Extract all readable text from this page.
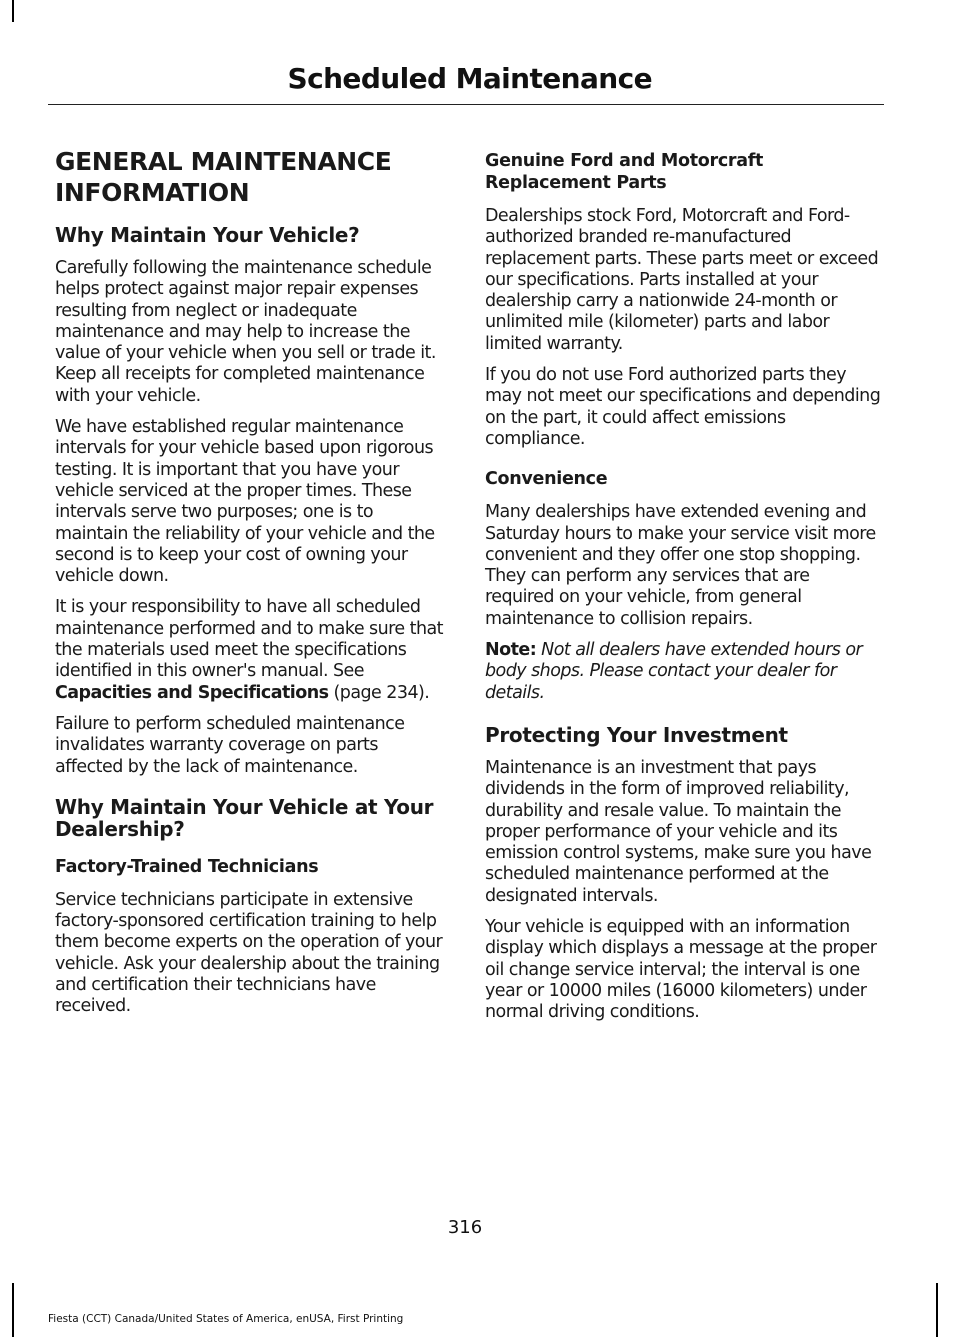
Scheduled Maintenance
GENERAL MAINTENANCE INFORMATION
Why Maintain Your Vehicle?

Carefully following the maintenance schedule helps protect against major repair expenses resulting from neglect or inadequate maintenance and may help to increase the value of your vehicle when you sell or trade it. Keep all receipts for completed maintenance with your vehicle.

We have established regular maintenance intervals for your vehicle based upon rigorous testing. It is important that you have your vehicle serviced at the proper times. These intervals serve two purposes; one is to maintain the reliability of your vehicle and the second is to keep your cost of owning your vehicle down.

It is your responsibility to have all scheduled maintenance performed and to make sure that the materials used meet the specifications identified in this owner's manual. See Capacities and Specifications (page 234).

Failure to perform scheduled maintenance invalidates warranty coverage on parts affected by the lack of maintenance.

Why Maintain Your Vehicle at Your Dealership?
Factory-Trained Technicians

Service technicians participate in extensive factory-sponsored certification training to help them become experts on the operation of your vehicle. Ask your dealership about the training and certification their technicians have received.

Genuine Ford and Motorcraft Replacement Parts

Dealerships stock Ford, Motorcraft and Ford-authorized branded re-manufactured replacement parts. These parts meet or exceed our specifications. Parts installed at your dealership carry a nationwide 24-month or unlimited mile (kilometer) parts and labor limited warranty.

If you do not use Ford authorized parts they may not meet our specifications and depending on the part, it could affect emissions compliance.

Convenience

Many dealerships have extended evening and Saturday hours to make your service visit more convenient and they offer one stop shopping. They can perform any services that are required on your vehicle, from general maintenance to collision repairs.

Note: Not all dealers have extended hours or body shops. Please contact your dealer for details.

Protecting Your Investment

Maintenance is an investment that pays dividends in the form of improved reliability, durability and resale value. To maintain the proper performance of your vehicle and its emission control systems, make sure you have scheduled maintenance performed at the designated intervals.

Your vehicle is equipped with an information display which displays a message at the proper oil change service interval; the interval is one year or 10000 miles (16000 kilometers) under normal driving conditions.

316
Fiesta (CCT) Canada/United States of America, enUSA, First Printing
